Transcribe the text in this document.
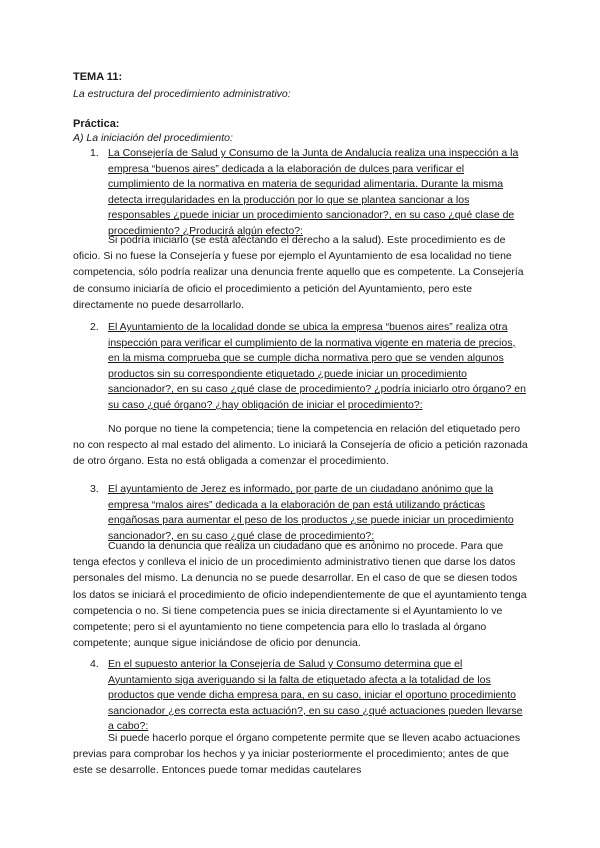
TEMA 11:
La estructura del procedimiento administrativo:
Práctica:
A) La iniciación del procedimiento:
1. La Consejería de Salud y Consumo de la Junta de Andalucía realiza una inspección a la empresa “buenos aires” dedicada a la elaboración de dulces para verificar el cumplimiento de la normativa en materia de seguridad alimentaria. Durante la misma detecta irregularidades en la producción por lo que se plantea sancionar a los responsables ¿puede iniciar un procedimiento sancionador?, en su caso ¿qué clase de procedimiento? ¿Producirá algún efecto?:
Si podría iniciarlo (se está afectando el derecho a la salud). Este procedimiento es de oficio. Si no fuese la Consejería y fuese por ejemplo el Ayuntamiento de esa localidad no tiene competencia, sólo podría realizar una denuncia frente aquello que es competente. La Consejería de consumo iniciaría de oficio el procedimiento a petición del Ayuntamiento, pero este directamente no puede desarrollarlo.
2. El Ayuntamiento de la localidad donde se ubica la empresa “buenos aires” realiza otra inspección para verificar el cumplimiento de la normativa vigente en materia de precios, en la misma comprueba que se cumple dicha normativa pero que se venden algunos productos sin su correspondiente etiquetado ¿puede iniciar un procedimiento sancionador?, en su caso ¿qué clase de procedimiento? ¿podría iniciarlo otro órgano? en su caso ¿qué órgano? ¿hay obligación de iniciar el procedimiento?:
No porque no tiene la competencia; tiene la competencia en relación del etiquetado pero no con respecto al mal estado del alimento. Lo iniciará la Consejería de oficio a petición razonada de otro órgano. Esta no está obligada a comenzar el procedimiento.
3. El ayuntamiento de Jerez es informado, por parte de un ciudadano anónimo que la empresa “malos aires” dedicada a la elaboración de pan está utilizando prácticas engañosas para aumentar el peso de los productos ¿se puede iniciar un procedimiento sancionador?, en su caso ¿qué clase de procedimiento?:
Cuando la denuncia que realiza un ciudadano que es anónimo no procede. Para que tenga efectos y conlleva el inicio de un procedimiento administrativo tienen que darse los datos personales del mismo. La denuncia no se puede desarrollar. En el caso de que se diesen todos los datos se iniciará el procedimiento de oficio independientemente de que el ayuntamiento tenga competencia o no. Si tiene competencia pues se inicia directamente si el Ayuntamiento lo ve competente; pero si el ayuntamiento no tiene competencia para ello lo traslada al órgano competente; aunque sigue iniciándose de oficio por denuncia.
4. En el supuesto anterior la Consejería de Salud y Consumo determina que el Ayuntamiento siga averiguando si la falta de etiquetado afecta a la totalidad de los productos que vende dicha empresa para, en su caso, iniciar el oportuno procedimiento sancionador ¿es correcta esta actuación?, en su caso ¿qué actuaciones pueden llevarse a cabo?:
Si puede hacerlo porque el órgano competente permite que se lleven acabo actuaciones previas para comprobar los hechos y ya iniciar posteriormente el procedimiento; antes de que este se desarrolle. Entonces puede tomar medidas cautelares
